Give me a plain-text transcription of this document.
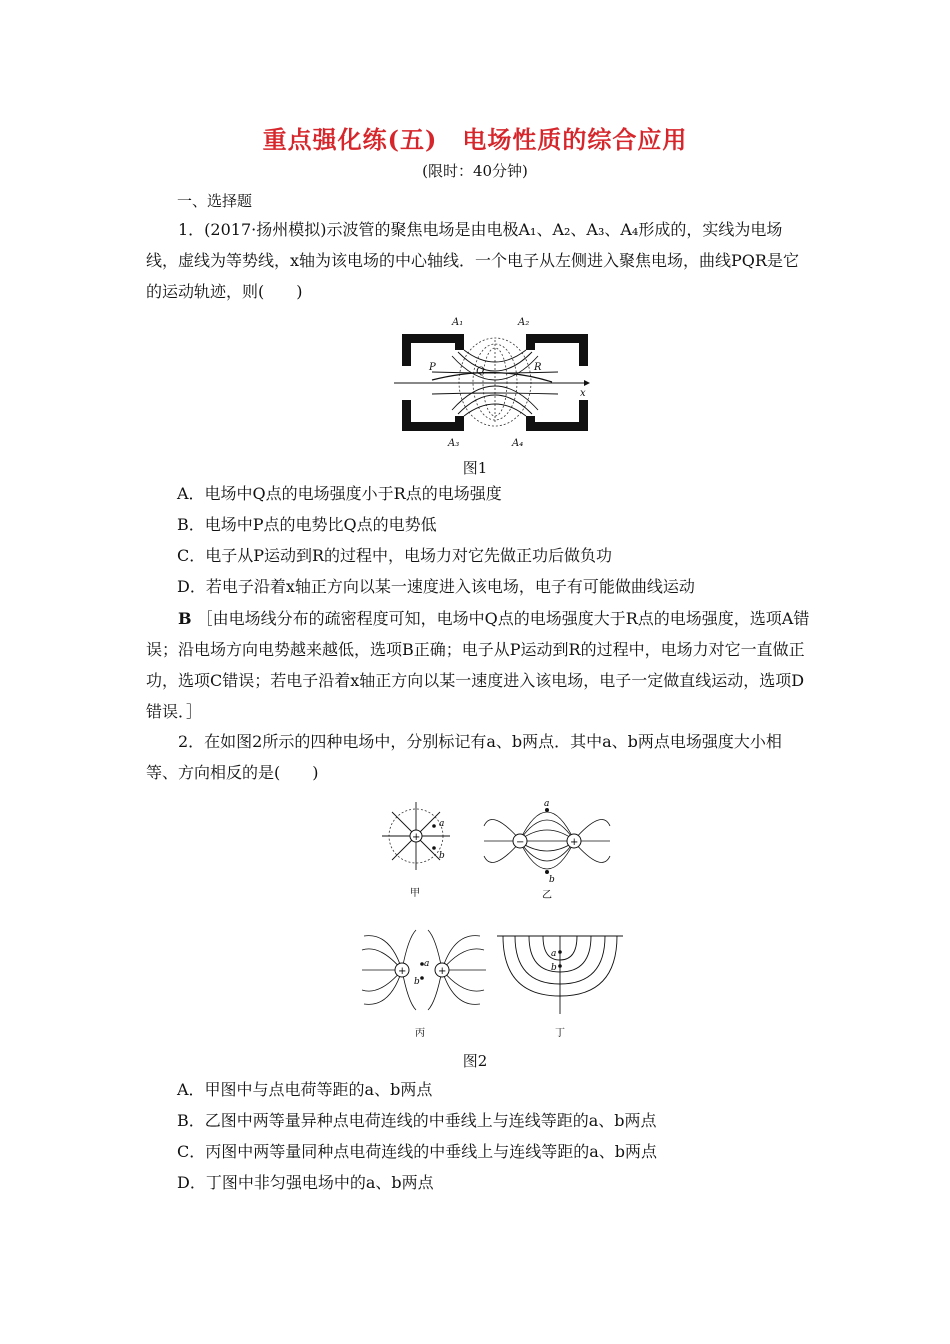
重点强化练(五)　电场性质的综合应用
(限时：40分钟)
一、选择题
1．(2017·扬州模拟)示波管的聚焦电场是由电极A₁、A₂、A₃、A₄形成的，实线为电场线，虚线为等势线，x轴为该电场的中心轴线．一个电子从左侧进入聚焦电场，曲线PQR是它的运动轨迹，则(　　)
A₁	A₂
A₃	A₄
P	Q	R
x
图1
A．电场中Q点的电场强度小于R点的电场强度
B．电场中P点的电势比Q点的电势低
C．电子从P运动到R的过程中，电场力对它先做正功后做负功
D．若电子沿着x轴正方向以某一速度进入该电场，电子有可能做曲线运动
B ［由电场线分布的疏密程度可知，电场中Q点的电场强度大于R点的电场强度，选项A错误；沿电场方向电势越来越低，选项B正确；电子从P运动到R的过程中，电场力对它一直做正功，选项C错误；若电子沿着x轴正方向以某一速度进入该电场，电子一定做直线运动，选项D错误．］
2．在如图2所示的四种电场中，分别标记有a、b两点．其中a、b两点电场强度大小相等、方向相反的是(　　)
+
a
b
甲
−	+
a
b
乙
+	+
a
b
丙
a
b
丁
图2
A．甲图中与点电荷等距的a、b两点
B．乙图中两等量异种点电荷连线的中垂线上与连线等距的a、b两点
C．丙图中两等量同种点电荷连线的中垂线上与连线等距的a、b两点
D．丁图中非匀强电场中的a、b两点
